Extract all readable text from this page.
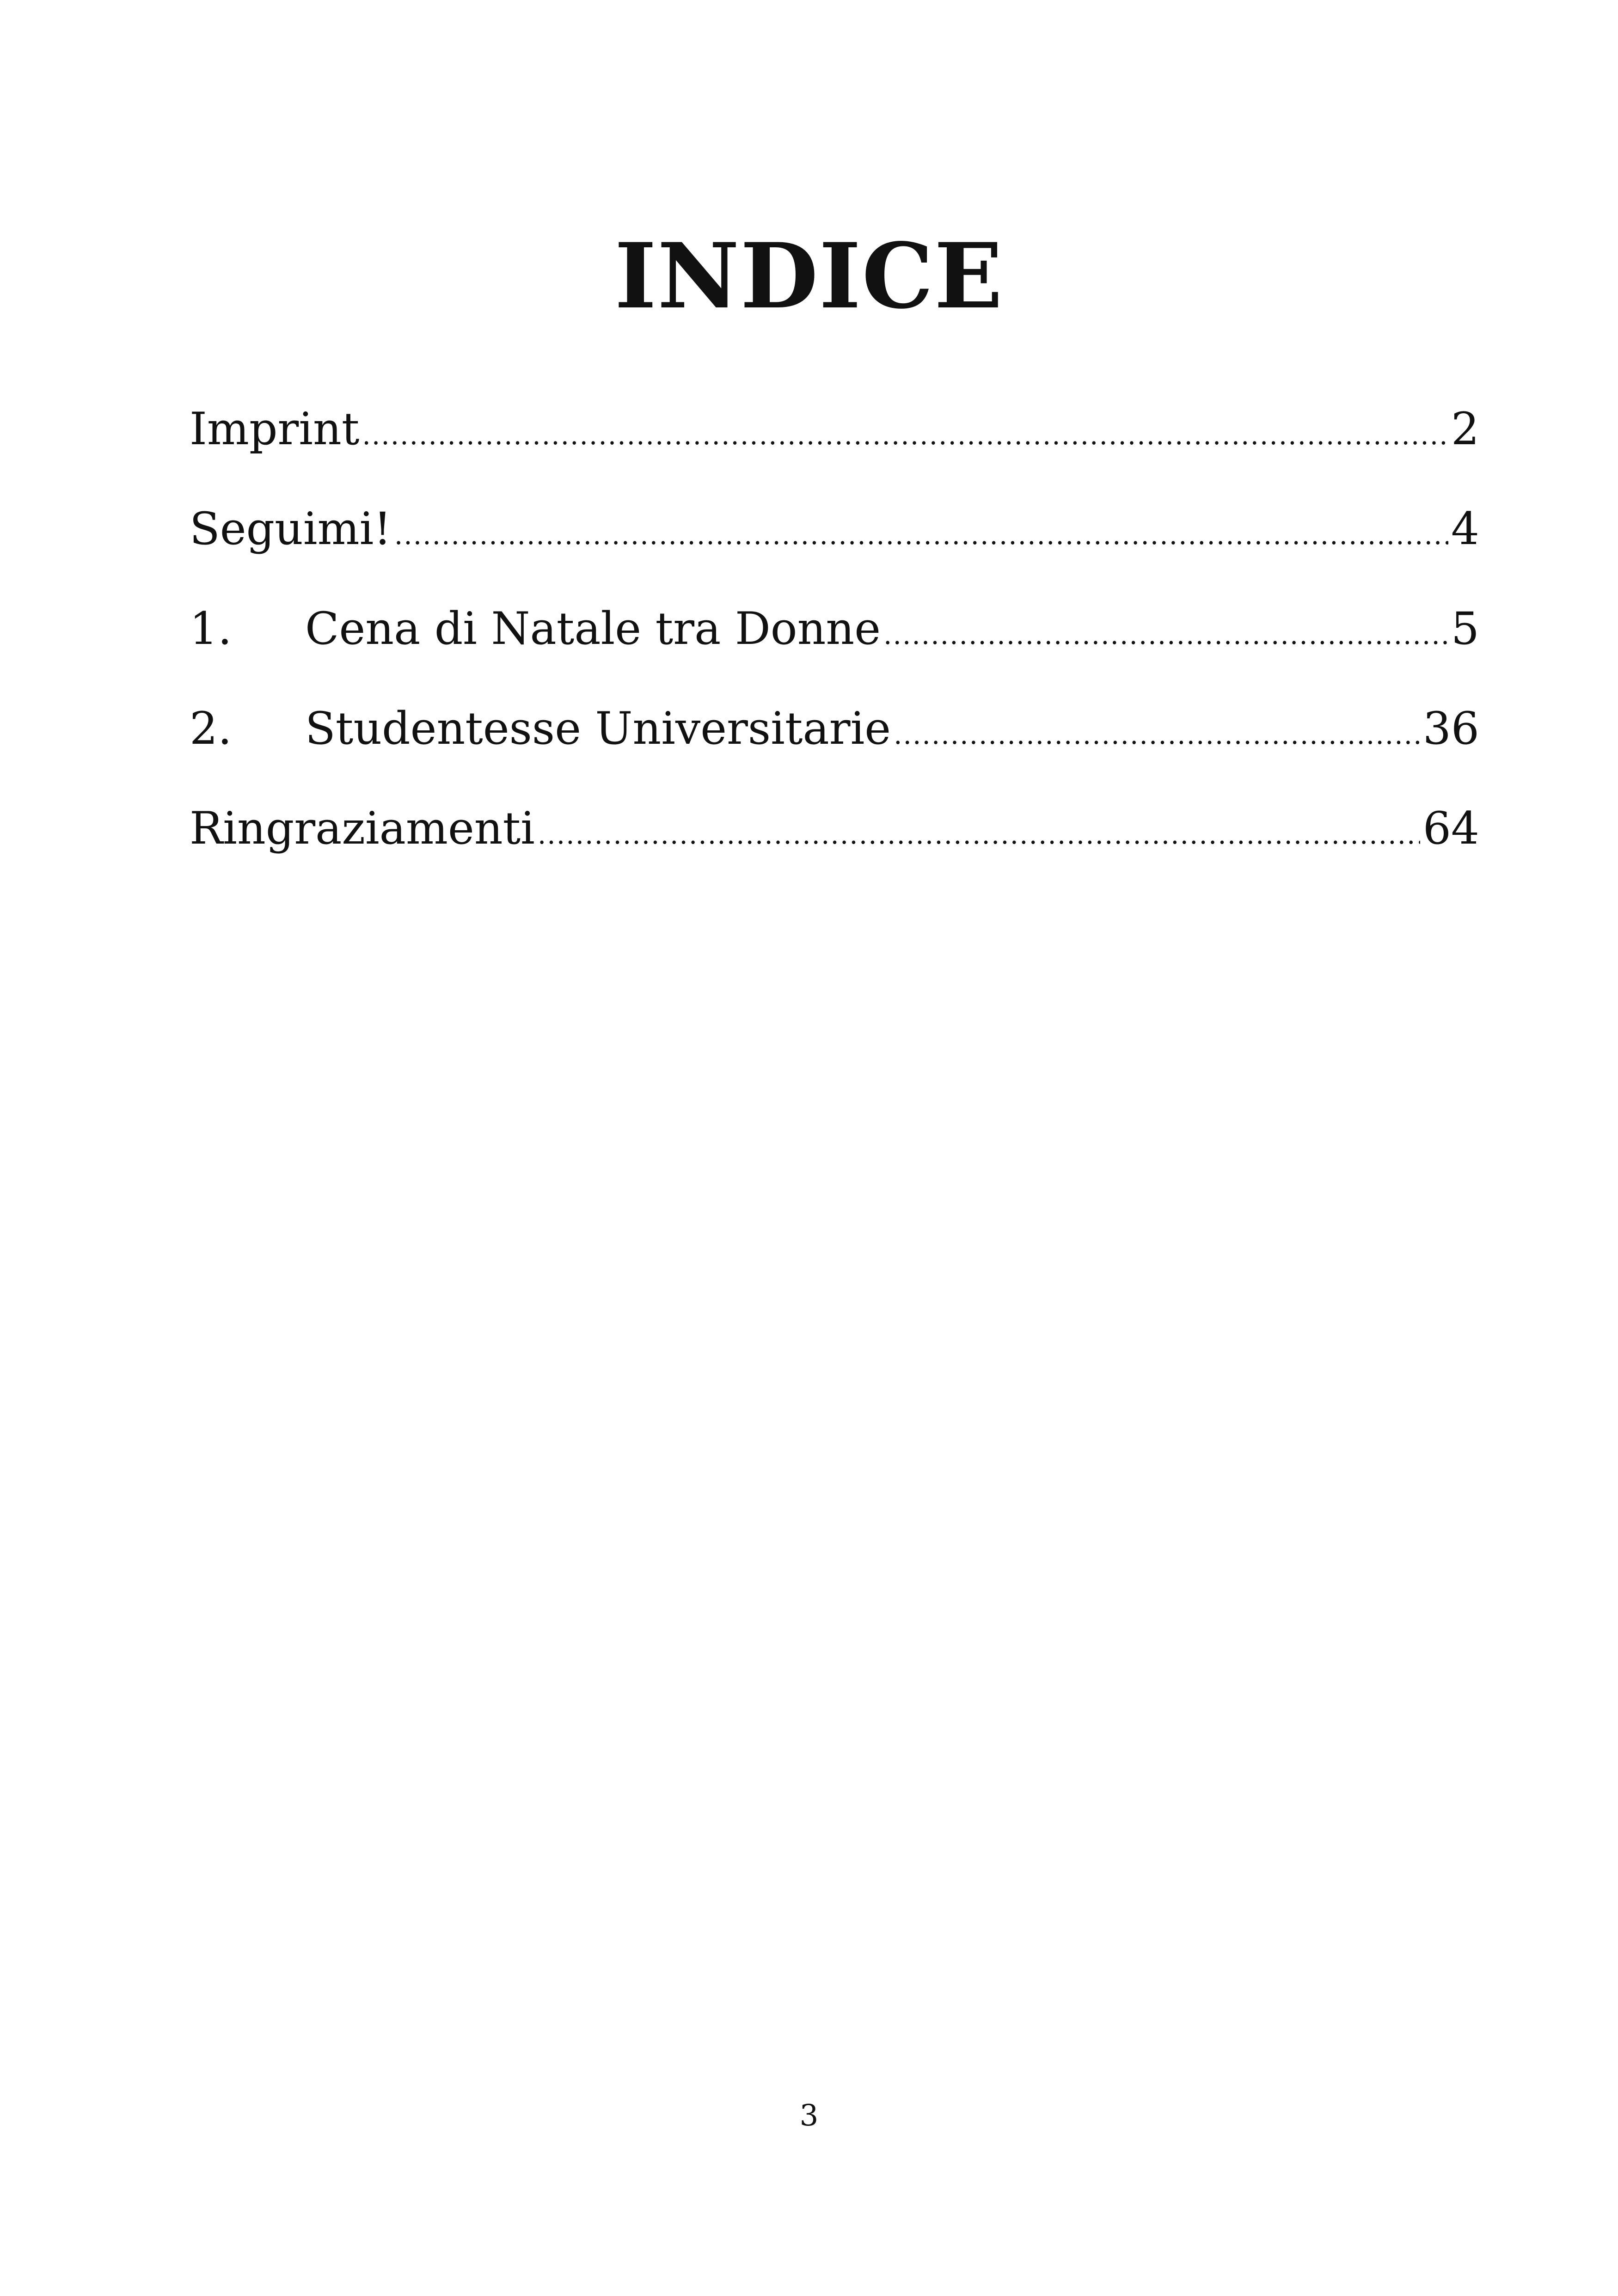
INDICE
Imprint .....	2
Seguimi! .....	4
1.	Cena di Natale tra Donne .....	5
2.	Studentesse Universitarie .....	36
Ringraziamenti .....	64
3
